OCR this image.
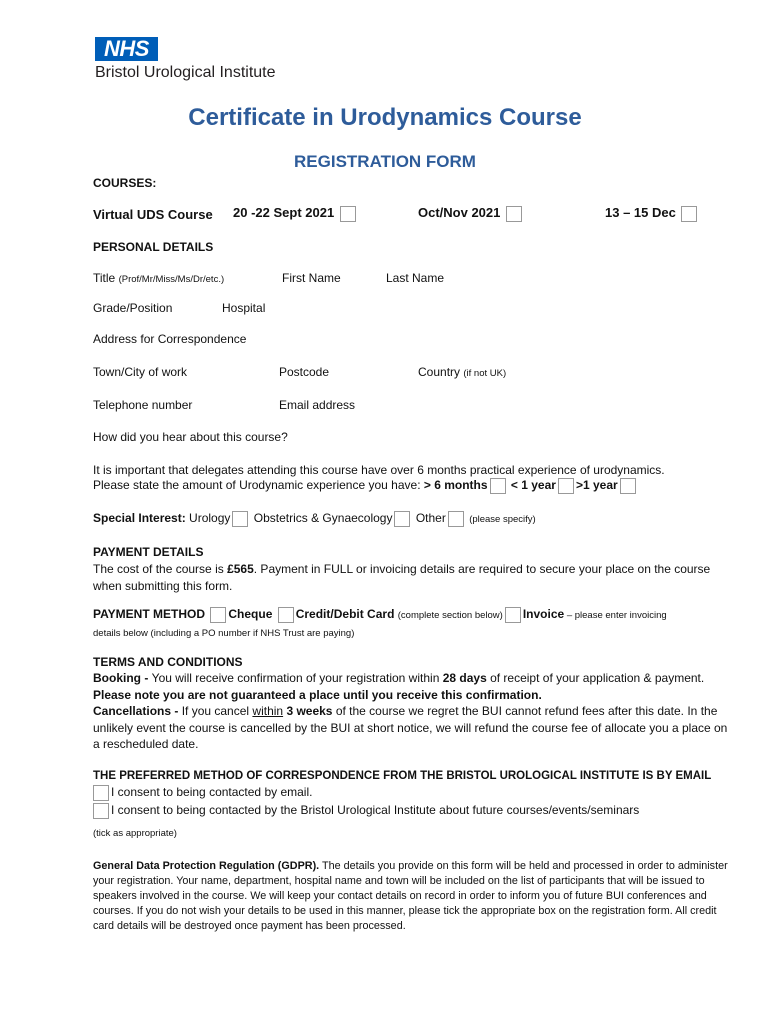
NHS
Bristol Urological Institute
Certificate in Urodynamics Course
REGISTRATION FORM
COURSES:
Virtual UDS Course 20 -22 Sept 2021	Oct/Nov 2021	13 – 15 Dec
PERSONAL DETAILS
Title (Prof/Mr/Miss/Ms/Dr/etc.)	First Name	Last Name
Grade/Position	Hospital
Address for Correspondence
Town/City of work	Postcode	Country (if not UK)
Telephone number	Email address
How did you hear about this course?
It is important that delegates attending this course have over 6 months practical experience of urodynamics.
Please state the amount of Urodynamic experience you have: > 6 months < 1 year >1 year
Special Interest: Urology Obstetrics & Gynaecology Other (please specify)
PAYMENT DETAILS
The cost of the course is £565. Payment in FULL or invoicing details are required to secure your place on the course when submitting this form.
PAYMENT METHOD Cheque Credit/Debit Card (complete section below) Invoice – please enter invoicing
details below (including a PO number if NHS Trust are paying)
TERMS AND CONDITIONS
Booking - You will receive confirmation of your registration within 28 days of receipt of your application & payment. Please note you are not guaranteed a place until you receive this confirmation.
Cancellations - If you cancel within 3 weeks of the course we regret the BUI cannot refund fees after this date. In the unlikely event the course is cancelled by the BUI at short notice, we will refund the course fee of allocate you a place on a rescheduled date.
THE PREFERRED METHOD OF CORRESPONDENCE FROM THE BRISTOL UROLOGICAL INSTITUTE IS BY EMAIL
I consent to being contacted by email.
I consent to being contacted by the Bristol Urological Institute about future courses/events/seminars
(tick as appropriate)
General Data Protection Regulation (GDPR). The details you provide on this form will be held and processed in order to administer your registration. Your name, department, hospital name and town will be included on the list of participants that will be issued to speakers involved in the course. We will keep your contact details on record in order to inform you of future BUI conferences and courses. If you do not wish your details to be used in this manner, please tick the appropriate box on the registration form. All credit card details will be destroyed once payment has been processed.
